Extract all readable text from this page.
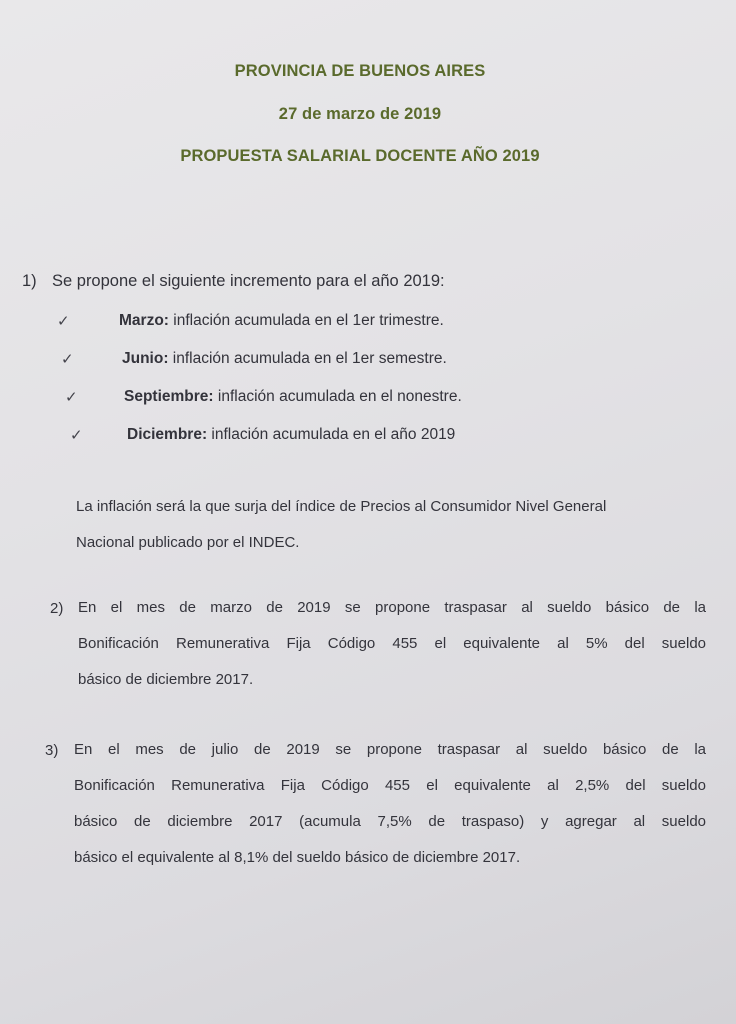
PROVINCIA DE BUENOS AIRES
27 de marzo de 2019
PROPUESTA SALARIAL DOCENTE AÑO 2019
1) Se propone el siguiente incremento para el año 2019:
✓	Marzo: inflación acumulada en el 1er trimestre.
✓	Junio: inflación acumulada en el 1er semestre.
✓	Septiembre: inflación acumulada en el nonestre.
✓	Diciembre: inflación acumulada en el año 2019
La inflación será la que surja del índice de Precios al Consumidor Nivel General
Nacional publicado por el INDEC.
2) En el mes de marzo de 2019 se propone traspasar al sueldo básico de la
Bonificación Remunerativa Fija Código 455 el equivalente al 5% del sueldo
básico de diciembre 2017.
3) En el mes de julio de 2019 se propone traspasar al sueldo básico de la
Bonificación Remunerativa Fija Código 455 el equivalente al 2,5% del sueldo
básico de diciembre 2017 (acumula 7,5% de traspaso) y agregar al sueldo
básico el equivalente al 8,1% del sueldo básico de diciembre 2017.
